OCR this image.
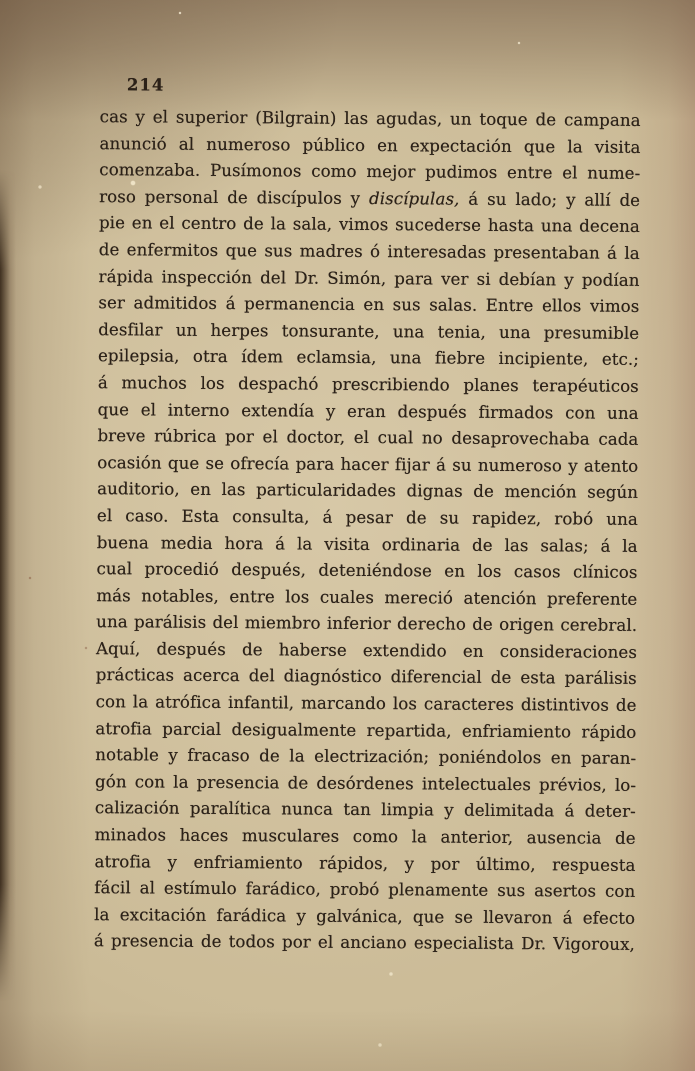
214
cas y el superior (Bilgrain) las agudas, un toque de campana
anunció al numeroso público en expectación que la visita
comenzaba. Pusímonos como mejor pudimos entre el nume-
roso personal de discípulos y discípulas, á su lado; y allí de
pie en el centro de la sala, vimos sucederse hasta una decena
de enfermitos que sus madres ó interesadas presentaban á la
rápida inspección del Dr. Simón, para ver si debían y podían
ser admitidos á permanencia en sus salas. Entre ellos vimos
desfilar un herpes tonsurante, una tenia, una presumible
epilepsia, otra ídem eclamsia, una fiebre incipiente, etc.;
á muchos los despachó prescribiendo planes terapéuticos
que el interno extendía y eran después firmados con una
breve rúbrica por el doctor, el cual no desaprovechaba cada
ocasión que se ofrecía para hacer fijar á su numeroso y atento
auditorio, en las particularidades dignas de mención según
el caso. Esta consulta, á pesar de su rapidez, robó una
buena media hora á la visita ordinaria de las salas; á la
cual procedió después, deteniéndose en los casos clínicos
más notables, entre los cuales mereció atención preferente
una parálisis del miembro inferior derecho de origen cerebral.
Aquí, después de haberse extendido en consideraciones
prácticas acerca del diagnóstico diferencial de esta parálisis
con la atrófica infantil, marcando los caracteres distintivos de
atrofia parcial desigualmente repartida, enfriamiento rápido
notable y fracaso de la electrización; poniéndolos en paran-
gón con la presencia de desórdenes intelectuales prévios, lo-
calización paralítica nunca tan limpia y delimitada á deter-
minados haces musculares como la anterior, ausencia de
atrofia y enfriamiento rápidos, y por último, respuesta
fácil al estímulo farádico, probó plenamente sus asertos con
la excitación farádica y galvánica, que se llevaron á efecto
á presencia de todos por el anciano especialista Dr. Vigoroux,
